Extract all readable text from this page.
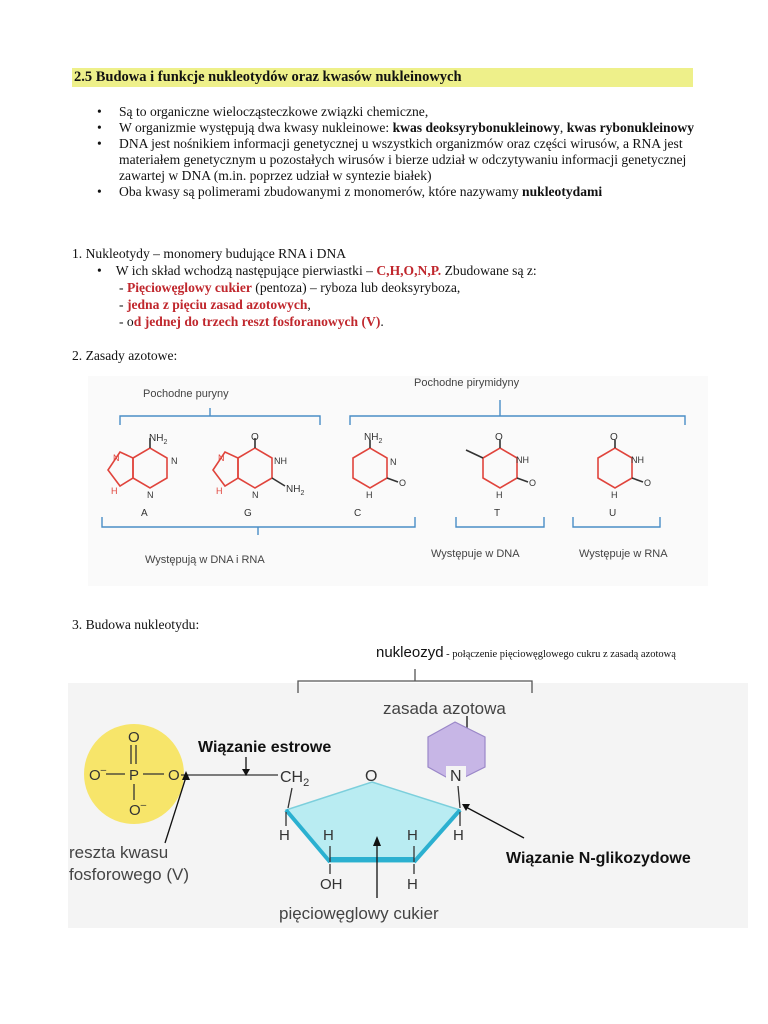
2.5 Budowa i funkcje nukleotydów oraz kwasów nukleinowych
• Są to organiczne wielocząsteczkowe związki chemiczne,
• W organizmie występują dwa kwasy nukleinowe: kwas deoksyrybonukleinowy, kwas rybonukleinowy
• DNA jest nośnikiem informacji genetycznej u wszystkich organizmów oraz części wirusów, a RNA jest materiałem genetycznym u pozostałych wirusów i bierze udział w odczytywaniu informacji genetycznej zawartej w DNA (m.in. poprzez udział w syntezie białek)
• Oba kwasy są polimerami zbudowanymi z monomerów, które nazywamy nukleotydami
1. Nukleotydy – monomery budujące RNA i DNA
• W ich skład wchodzą następujące pierwiastki – C,H,O,N,P. Zbudowane są z:
- Pięciowęglowy cukier (pentoza) – ryboza lub deoksyryboza,
- jedna z pięciu zasad azotowych,
- od jednej do trzech reszt fosforanowych (V).
2. Zasady azotowe:
Pochodne puryny
Pochodne pirymidyny
$NH_2$
N
H
N
N
A
O
NH
$NH_2$
N
N
H
G
$NH_2$
N
O
H
C
O
NH
O
H
T
O
NH
O
H
U
Występują w DNA i RNA	Występuje w DNA	Występuje w RNA
3. Budowa nukleotydu:
nukleozyd - połączenie pięciowęglowego cukru z zasadą azotową
zasada azotowa
O
O– P O
O–
reszta kwasu
fosforowego (V)
Wiązanie estrowe
$CH_2$	O	N
H H	H H
OH	H
pięciowęglowy cukier
Wiązanie N-glikozydowe
